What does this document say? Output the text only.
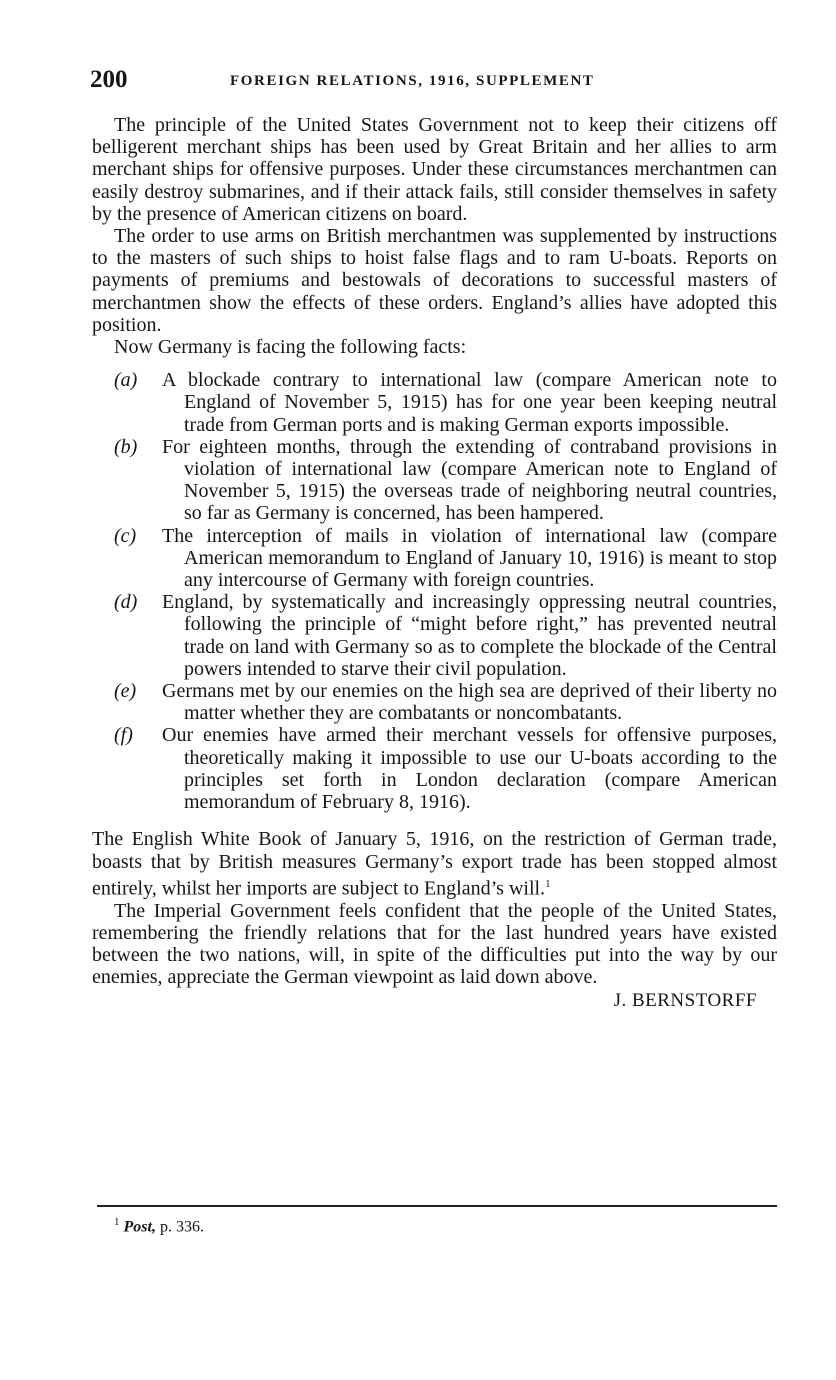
200	FOREIGN RELATIONS, 1916, SUPPLEMENT

The principle of the United States Government not to keep their citizens off belligerent merchant ships has been used by Great Britain and her allies to arm merchant ships for offensive purposes. Under these circumstances merchantmen can easily destroy submarines, and if their attack fails, still consider themselves in safety by the presence of American citizens on board.

The order to use arms on British merchantmen was supplemented by instructions to the masters of such ships to hoist false flags and to ram U-boats. Reports on payments of premiums and bestowals of decorations to successful masters of merchantmen show the effects of these orders. England’s allies have adopted this position.

Now Germany is facing the following facts:

(a)	A blockade contrary to international law (compare American note to England of November 5, 1915) has for one year been keeping neutral trade from German ports and is making German exports impossible.
(b)	For eighteen months, through the extending of contraband provisions in violation of international law (compare American note to England of November 5, 1915) the overseas trade of neighboring neutral countries, so far as Germany is concerned, has been hampered.
(c)	The interception of mails in violation of international law (compare American memorandum to England of January 10, 1916) is meant to stop any intercourse of Germany with foreign countries.
(d)	England, by systematically and increasingly oppressing neutral countries, following the principle of “might before right,” has prevented neutral trade on land with Germany so as to complete the blockade of the Central powers intended to starve their civil population.
(e)	Germans met by our enemies on the high sea are deprived of their liberty no matter whether they are combatants or noncombatants.
(f)	Our enemies have armed their merchant vessels for offensive purposes, theoretically making it impossible to use our U-boats according to the principles set forth in London declaration (compare American memorandum of February 8, 1916).

The English White Book of January 5, 1916, on the restriction of German trade, boasts that by British measures Germany’s export trade has been stopped almost entirely, whilst her imports are subject to England’s will.$^1$

The Imperial Government feels confident that the people of the United States, remembering the friendly relations that for the last hundred years have existed between the two nations, will, in spite of the difficulties put into the way by our enemies, appreciate the German viewpoint as laid down above.

J. BERNSTORFF

$^1$ Post, p. 336.
